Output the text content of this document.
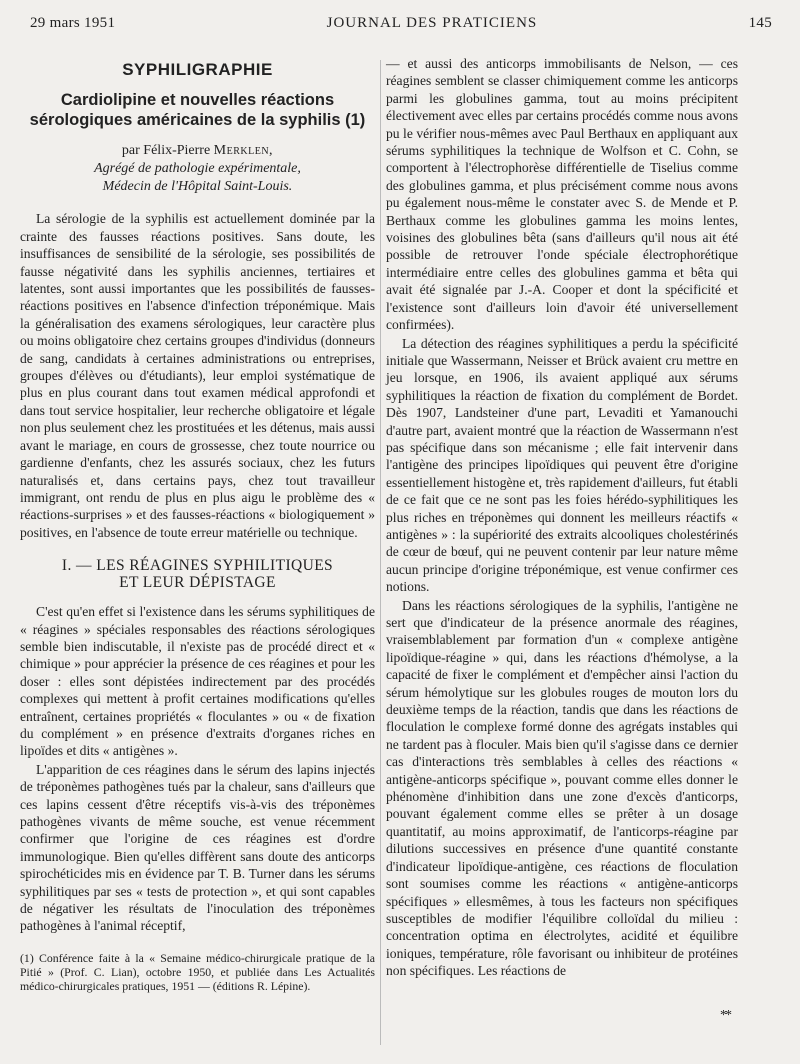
29 mars 1951	JOURNAL DES PRATICIENS	145
SYPHILIGRAPHIE
Cardiolipine et nouvelles réactions
sérologiques américaines de la syphilis (1)
par Félix-Pierre Merklen,
Agrégé de pathologie expérimentale,
Médecin de l'Hôpital Saint-Louis.

La sérologie de la syphilis est actuellement dominée par la crainte des fausses réactions positives. Sans doute, les insuffisances de sensibilité de la sérologie, ses possibilités de fausse négativité dans les syphilis anciennes, tertiaires et latentes, sont aussi importantes que les possibilités de fausses-réactions positives en l'absence d'infection tréponémique. Mais la généralisation des examens sérologiques, leur caractère plus ou moins obligatoire chez certains groupes d'individus (donneurs de sang, candidats à certaines administrations ou entreprises, groupes d'élèves ou d'étudiants), leur emploi systématique de plus en plus courant dans tout examen médical approfondi et dans tout service hospitalier, leur recherche obligatoire et légale non plus seulement chez les prostituées et les détenus, mais aussi avant le mariage, en cours de grossesse, chez toute nourrice ou gardienne d'enfants, chez les assurés sociaux, chez les futurs naturalisés et, dans certains pays, chez tout travailleur immigrant, ont rendu de plus en plus aigu le problème des « réactions-surprises » et des fausses-réactions « biologiquement » positives, en l'absence de toute erreur matérielle ou technique.

I. — LES RÉAGINES SYPHILITIQUES
ET LEUR DÉPISTAGE

C'est qu'en effet si l'existence dans les sérums syphilitiques de « réagines » spéciales responsables des réactions sérologiques semble bien indiscutable, il n'existe pas de procédé direct et « chimique » pour apprécier la présence de ces réagines et pour les doser : elles sont dépistées indirectement par des procédés complexes qui mettent à profit certaines modifications qu'elles entraînent, certaines propriétés « floculantes » ou « de fixation du complément » en présence d'extraits d'organes riches en lipoïdes et dits « antigènes ».

L'apparition de ces réagines dans le sérum des lapins injectés de tréponèmes pathogènes tués par la chaleur, sans d'ailleurs que ces lapins cessent d'être réceptifs vis-à-vis des tréponèmes pathogènes vivants de même souche, est venue récemment confirmer que l'origine de ces réagines est d'ordre immunologique. Bien qu'elles diffèrent sans doute des anticorps spirochéticides mis en évidence par T. B. Turner dans les sérums syphilitiques par ses « tests de protection », et qui sont capables de négativer les résultats de l'inoculation des tréponèmes pathogènes à l'animal réceptif,

(1) Conférence faite à la « Semaine médico-chirurgicale pratique de la Pitié » (Prof. C. Lian), octobre 1950, et publiée dans Les Actualités médico-chirurgicales pratiques, 1951 — (éditions R. Lépine).

— et aussi des anticorps immobilisants de Nelson, — ces réagines semblent se classer chimiquement comme les anticorps parmi les globulines gamma, tout au moins précipitent électivement avec elles par certains procédés comme nous avons pu le vérifier nous-mêmes avec Paul Berthaux en appliquant aux sérums syphilitiques la technique de Wolfson et C. Cohn, se comportent à l'électrophorèse différentielle de Tiselius comme des globulines gamma, et plus précisément comme nous avons pu également nous-même le constater avec S. de Mende et P. Berthaux comme les globulines gamma les moins lentes, voisines des globulines bêta (sans d'ailleurs qu'il nous ait été possible de retrouver l'onde spéciale électrophorétique intermédiaire entre celles des globulines gamma et bêta qui avait été signalée par J.-A. Cooper et dont la spécificité et l'existence sont d'ailleurs loin d'avoir été universellement confirmées).

La détection des réagines syphilitiques a perdu la spécificité initiale que Wassermann, Neisser et Brück avaient cru mettre en jeu lorsque, en 1906, ils avaient appliqué aux sérums syphilitiques la réaction de fixation du complément de Bordet. Dès 1907, Landsteiner d'une part, Levaditi et Yamanouchi d'autre part, avaient montré que la réaction de Wassermann n'est pas spécifique dans son mécanisme ; elle fait intervenir dans l'antigène des principes lipoïdiques qui peuvent être d'origine essentiellement histogène et, très rapidement d'ailleurs, fut établi de ce fait que ce ne sont pas les foies hérédo-syphilitiques les plus riches en tréponèmes qui donnent les meilleurs réactifs « antigènes » : la supériorité des extraits alcooliques cholestérinés de cœur de bœuf, qui ne peuvent contenir par leur nature même aucun principe d'origine tréponémique, est venue confirmer ces notions.

Dans les réactions sérologiques de la syphilis, l'antigène ne sert que d'indicateur de la présence anormale des réagines, vraisemblablement par formation d'un « complexe antigène lipoïdique-réagine » qui, dans les réactions d'hémolyse, a la capacité de fixer le complément et d'empêcher ainsi l'action du sérum hémolytique sur les globules rouges de mouton lors du deuxième temps de la réaction, tandis que dans les réactions de floculation le complexe formé donne des agrégats instables qui ne tardent pas à floculer. Mais bien qu'il s'agisse dans ce dernier cas d'interactions très semblables à celles des réactions « antigène-anticorps spécifique », pouvant comme elles donner le phénomène d'inhibition dans une zone d'excès d'anticorps, pouvant également comme elles se prêter à un dosage quantitatif, au moins approximatif, de l'anticorps-réagine par dilutions successives en présence d'une quantité constante d'indicateur lipoïdique-antigène, ces réactions de floculation sont soumises comme les réactions « antigène-anticorps spécifiques » ellesmêmes, à tous les facteurs non spécifiques susceptibles de modifier l'équilibre colloïdal du milieu : concentration optima en électrolytes, acidité et équilibre ioniques, température, rôle favorisant ou inhibiteur de protéines non spécifiques. Les réactions de

**
